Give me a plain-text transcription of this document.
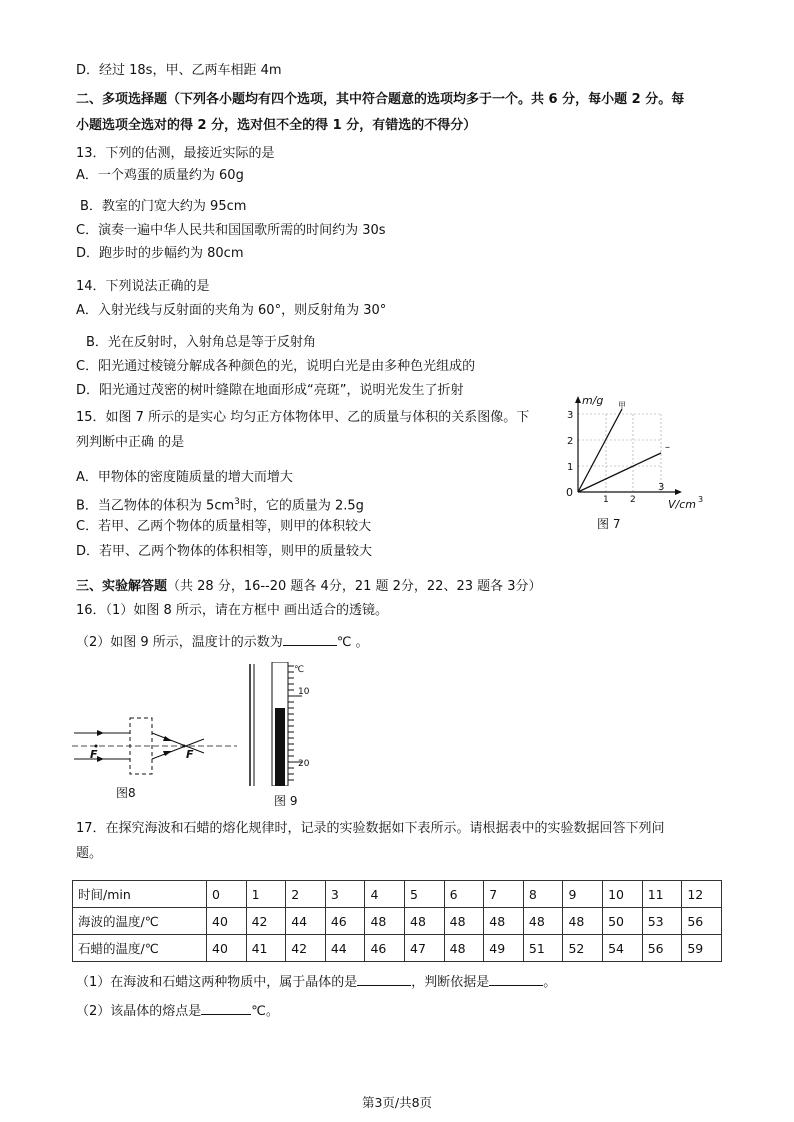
D．经过 18s，甲、乙两车相距 4m
二、多项选择题（下列各小题均有四个选项，其中符合题意的选项均多于一个。共 6 分，每小题 2 分。每
小题选项全选对的得 2 分，选对但不全的得 1 分，有错选的不得分）
13．下列的估测，最接近实际的是
A．一个鸡蛋的质量约为 60g
B．教室的门宽大约为 95cm
C．演奏一遍中华人民共和国国歌所需的时间约为 30s
D．跑步时的步幅约为 80cm
14．下列说法正确的是
A．入射光线与反射面的夹角为 60°，则反射角为 30°
B．光在反射时，入射角总是等于反射角
C．阳光通过棱镜分解成各种颜色的光，说明白光是由多种色光组成的
D．阳光通过茂密的树叶缝隙在地面形成“亮斑”，说明光发生了折射
15．如图 7 所示的是实心 均匀正方体物体甲、乙的质量与体积的关系图像。下
列判断中正确 的是
A．甲物体的密度随质量的增大而增大
B．当乙物体的体积为 $5cm^3$时，它的质量为 2.5g
C．若甲、乙两个物体的质量相等，则甲的体积较大
D．若甲、乙两个物体的体积相等，则甲的质量较大
m/g
V/cm 3
0
1
2
3
1 2
3
甲
–
图 7
三、实验解答题（共 28 分，16--20 题各 4分，21 题 2分，22、23 题各 3分）
16．（1）如图 8 所示，请在方框中 画出适合的透镜。
（2）如图 9 所示，温度计的示数为	℃ 。
F	F
图8
℃
10
20
图 9
17．在探究海波和石蜡的熔化规律时，记录的实验数据如下表所示。请根据表中的实验数据回答下列问
题。
时间/min	0	1	2	3	4	5	6	7	8	9	10	11	12
海波的温度/℃	40	42	44	46	48	48	48	48	48	48	50	53	56
石蜡的温度/℃	40	41	42	44	46	47	48	49	51	52	54	56	59
（1）在海波和石蜡这两种物质中，属于晶体的是	，判断依据是	。
（2）该晶体的熔点是	℃。
第3页/共8页
